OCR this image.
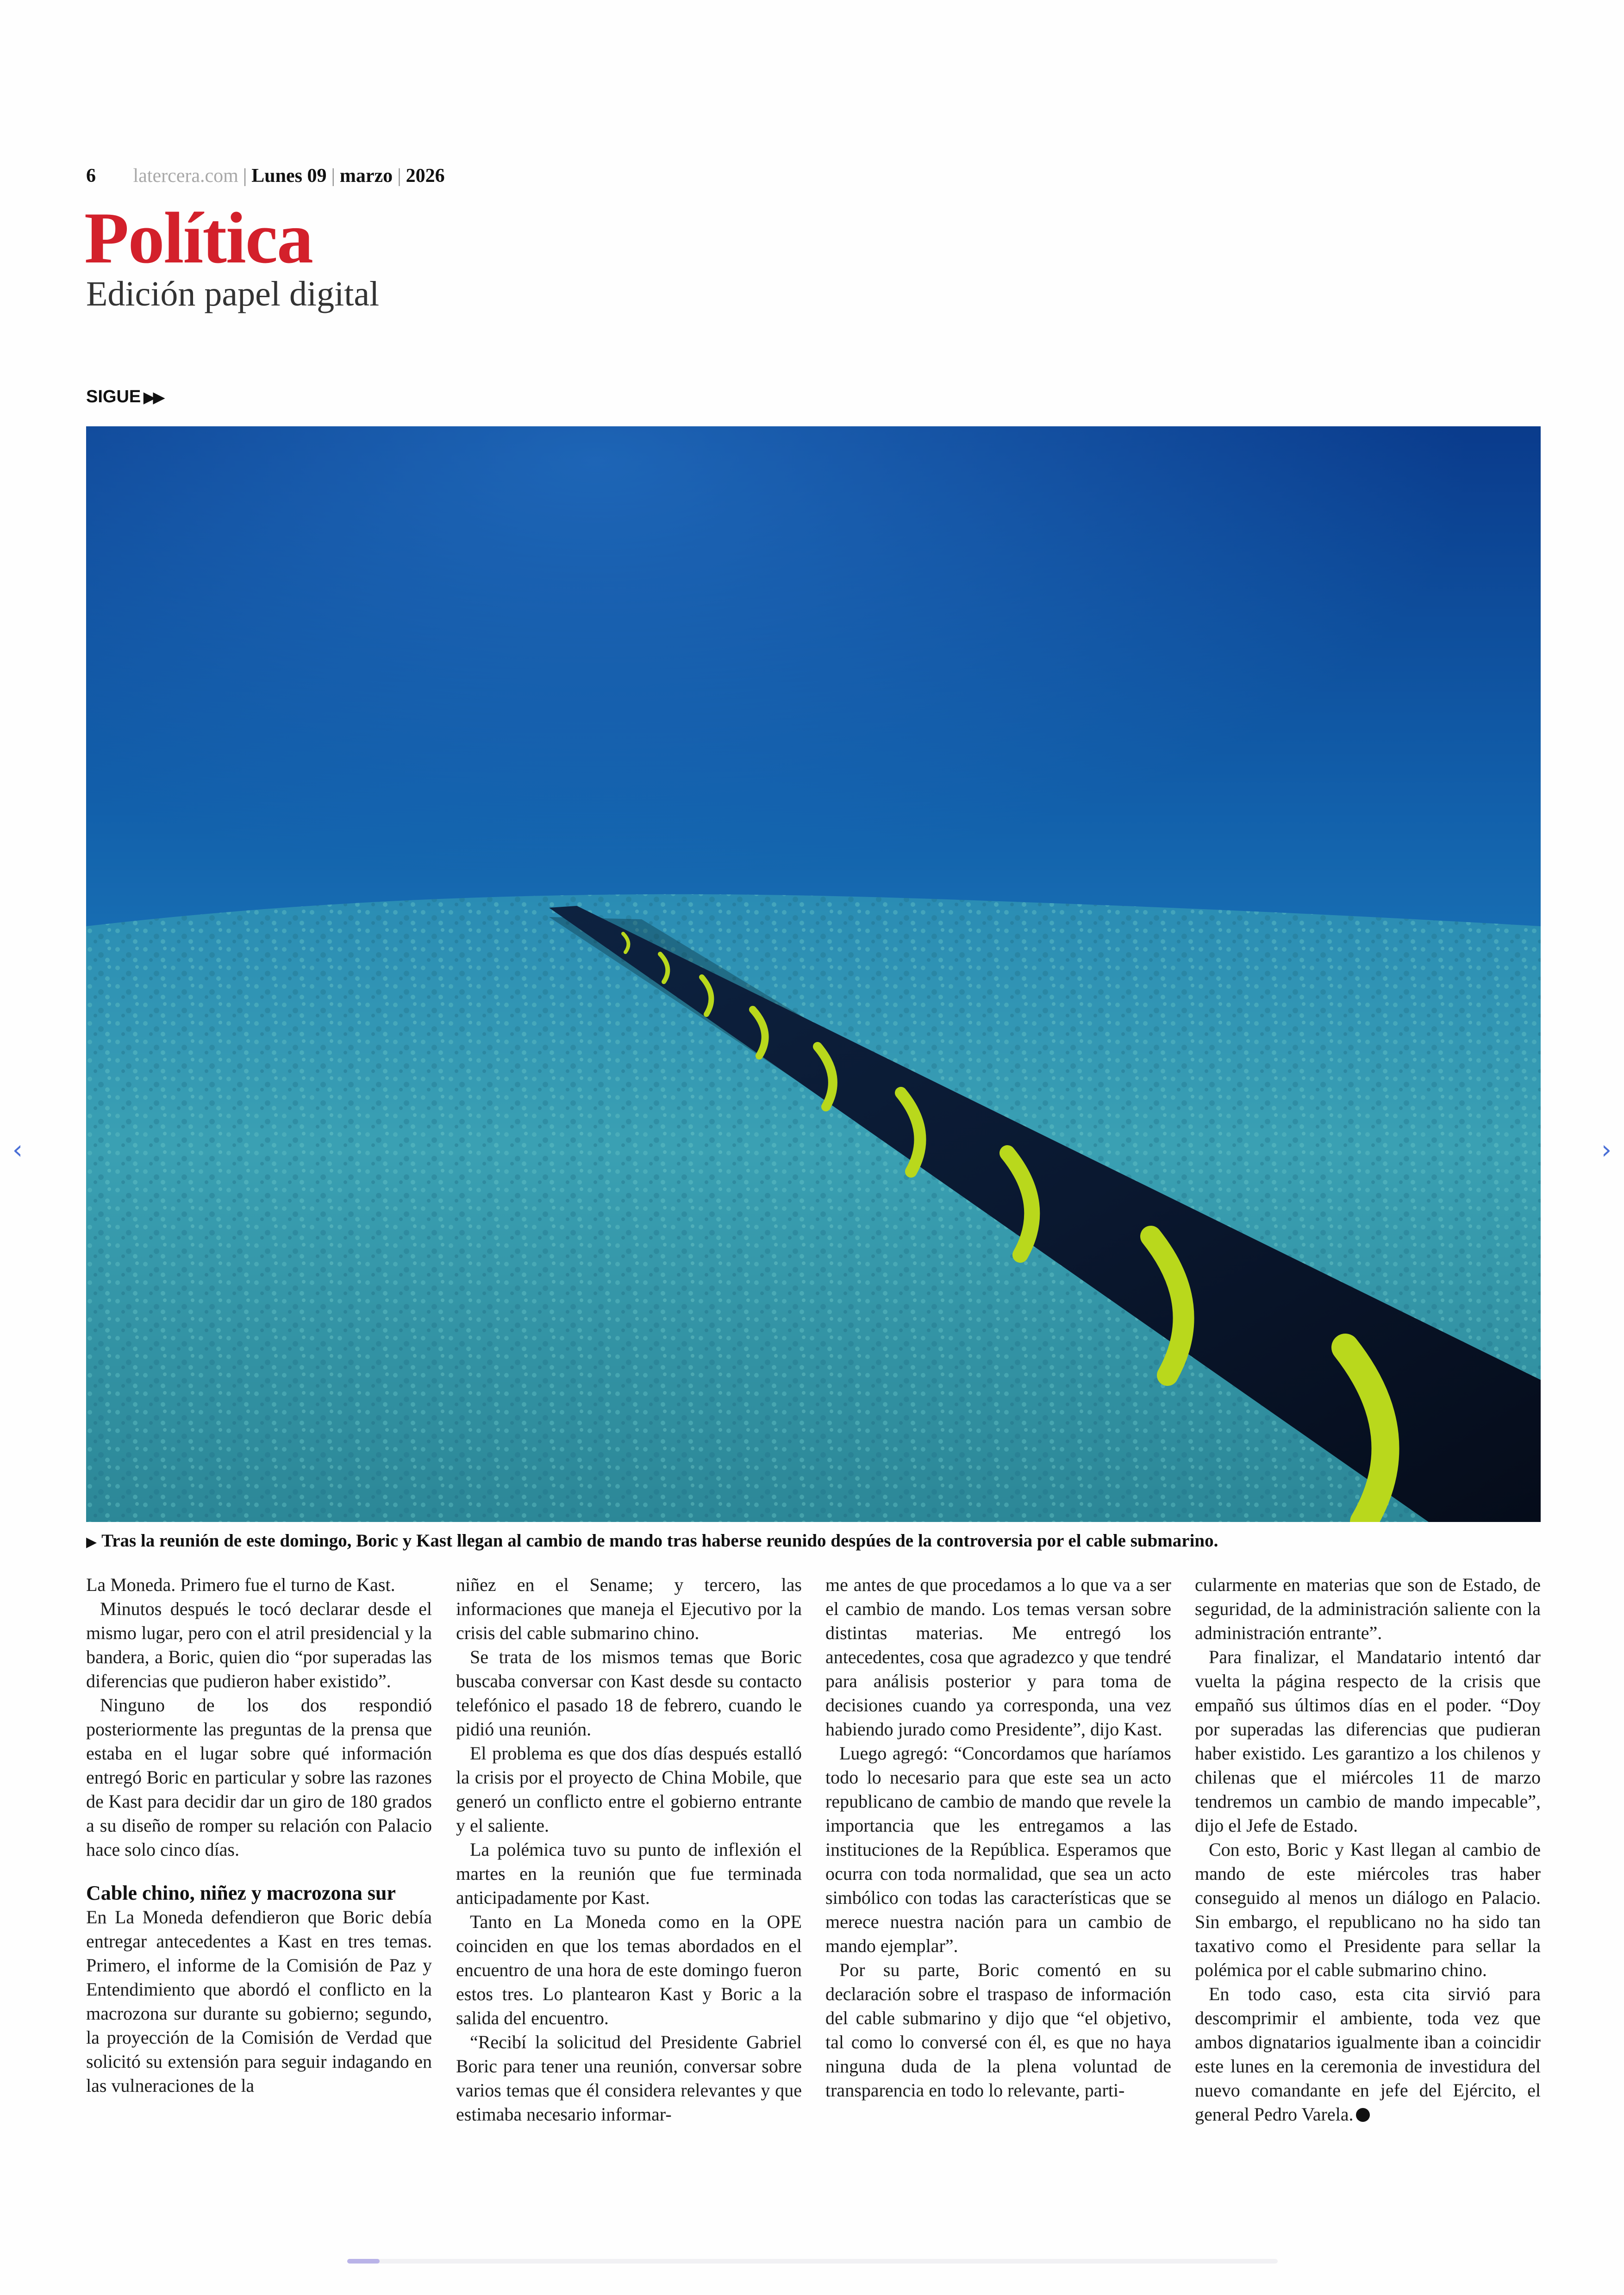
6 latercera.com | Lunes 09 | marzo | 2026
Política
Edición papel digital
SIGUE ▶▶
▶ Tras la reunión de este domingo, Boric y Kast llegan al cambio de mando tras haberse reunido despúes de la controversia por el cable submarino.

La Moneda. Primero fue el turno de Kast.

Minutos después le tocó declarar desde el mismo lugar, pero con el atril presidencial y la bandera, a Boric, quien dio “por superadas las diferencias que pudieron haber existido”.

Ninguno de los dos respondió posteriormente las preguntas de la prensa que estaba en el lugar sobre qué información entregó Boric en particular y sobre las razones de Kast para decidir dar un giro de 180 grados a su diseño de romper su relación con Palacio hace solo cinco días.

Cable chino, niñez y macrozona sur

En La Moneda defendieron que Boric debía entregar antecedentes a Kast en tres temas. Primero, el informe de la Comisión de Paz y Entendimiento que abordó el conflicto en la macrozona sur durante su gobierno; segundo, la proyección de la Comisión de Verdad que solicitó su extensión para seguir indagando en las vulneraciones de la

niñez en el Sename; y tercero, las informaciones que maneja el Ejecutivo por la crisis del cable submarino chino.

Se trata de los mismos temas que Boric buscaba conversar con Kast desde su contacto telefónico el pasado 18 de febrero, cuando le pidió una reunión.

El problema es que dos días después estalló la crisis por el proyecto de China Mobile, que generó un conflicto entre el gobierno entrante y el saliente.

La polémica tuvo su punto de inflexión el martes en la reunión que fue terminada anticipadamente por Kast.

Tanto en La Moneda como en la OPE coinciden en que los temas abordados en el encuentro de una hora de este domingo fueron estos tres. Lo plantearon Kast y Boric a la salida del encuentro.

“Recibí la solicitud del Presidente Gabriel Boric para tener una reunión, conversar sobre varios temas que él considera relevantes y que estimaba necesario informar-

me antes de que procedamos a lo que va a ser el cambio de mando. Los temas versan sobre distintas materias. Me entregó los antecedentes, cosa que agradezco y que tendré para análisis posterior y para toma de decisiones cuando ya corresponda, una vez habiendo jurado como Presidente”, dijo Kast.

Luego agregó: “Concordamos que haríamos todo lo necesario para que este sea un acto republicano de cambio de mando que revele la importancia que les entregamos a las instituciones de la República. Esperamos que ocurra con toda normalidad, que sea un acto simbólico con todas las características que se merece nuestra nación para un cambio de mando ejemplar”.

Por su parte, Boric comentó en su declaración sobre el traspaso de información del cable submarino y dijo que “el objetivo, tal como lo conversé con él, es que no haya ninguna duda de la plena voluntad de transparencia en todo lo relevante, parti-

cularmente en materias que son de Estado, de seguridad, de la administración saliente con la administración entrante”.

Para finalizar, el Mandatario intentó dar vuelta la página respecto de la crisis que empañó sus últimos días en el poder. “Doy por superadas las diferencias que pudieran haber existido. Les garantizo a los chilenos y chilenas que el miércoles 11 de marzo tendremos un cambio de mando impecable”, dijo el Jefe de Estado.

Con esto, Boric y Kast llegan al cambio de mando de este miércoles tras haber conseguido al menos un diálogo en Palacio. Sin embargo, el republicano no ha sido tan taxativo como el Presidente para sellar la polémica por el cable submarino chino.

En todo caso, esta cita sirvió para descomprimir el ambiente, toda vez que ambos dignatarios igualmente iban a coincidir este lunes en la ceremonia de investidura del nuevo comandante en jefe del Ejército, el general Pedro Varela.

‹	›
